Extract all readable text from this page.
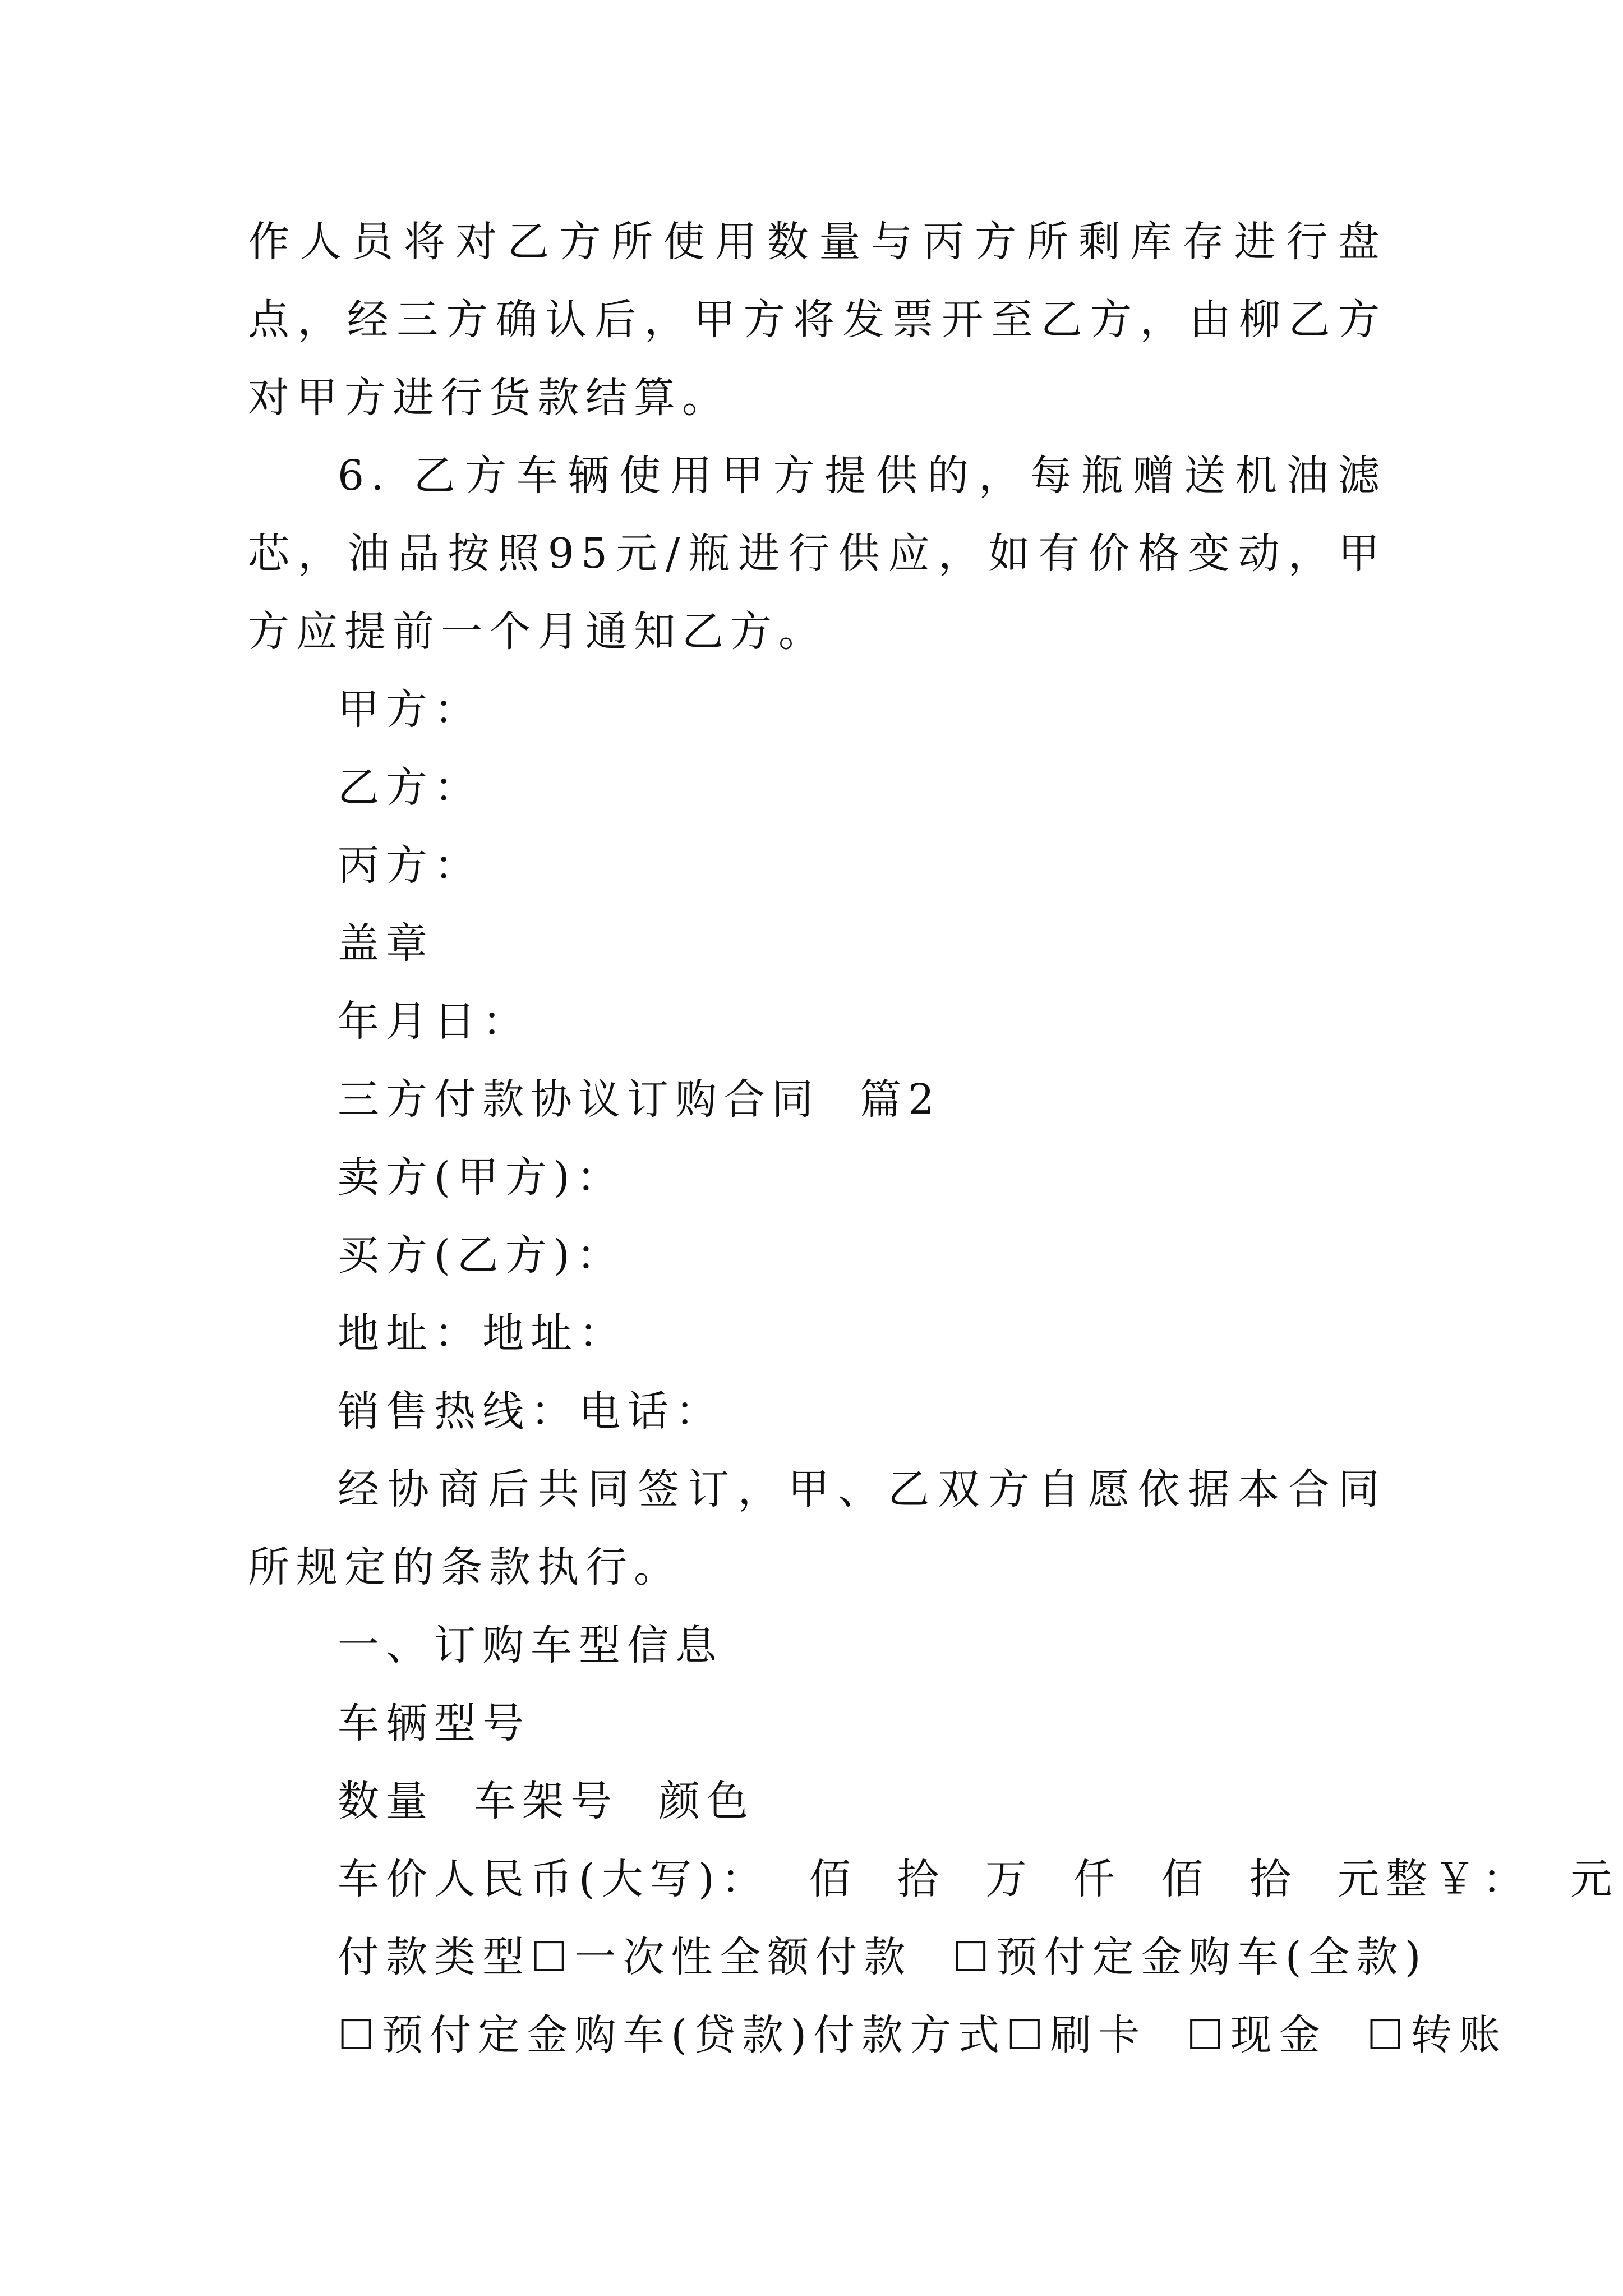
作人员将对乙方所使用数量与丙方所剩库存进行盘点，经三方确认后，甲方将发票开至乙方，由柳乙方对甲方进行货款结算。

6. 乙方车辆使用甲方提供的，每瓶赠送机油滤芯，油品按照95元/瓶进行供应，如有价格变动，甲方应提前一个月通知乙方。

甲方：

乙方：

丙方：

盖章

年月日：

三方付款协议订购合同  篇2

卖方(甲方)：

买方(乙方)：

地址：地址：

销售热线：电话：

经协商后共同签订，甲、乙双方自愿依据本合同所规定的条款执行。

一、订购车型信息

车辆型号

数量  车架号  颜色

车价人民币(大写)：  佰  拾  万  仟  佰  拾  元整￥：  元

付款类型☐一次性全额付款  ☐预付定金购车(全款)

☐预付定金购车(贷款)付款方式☐刷卡  ☐现金  ☐转账
